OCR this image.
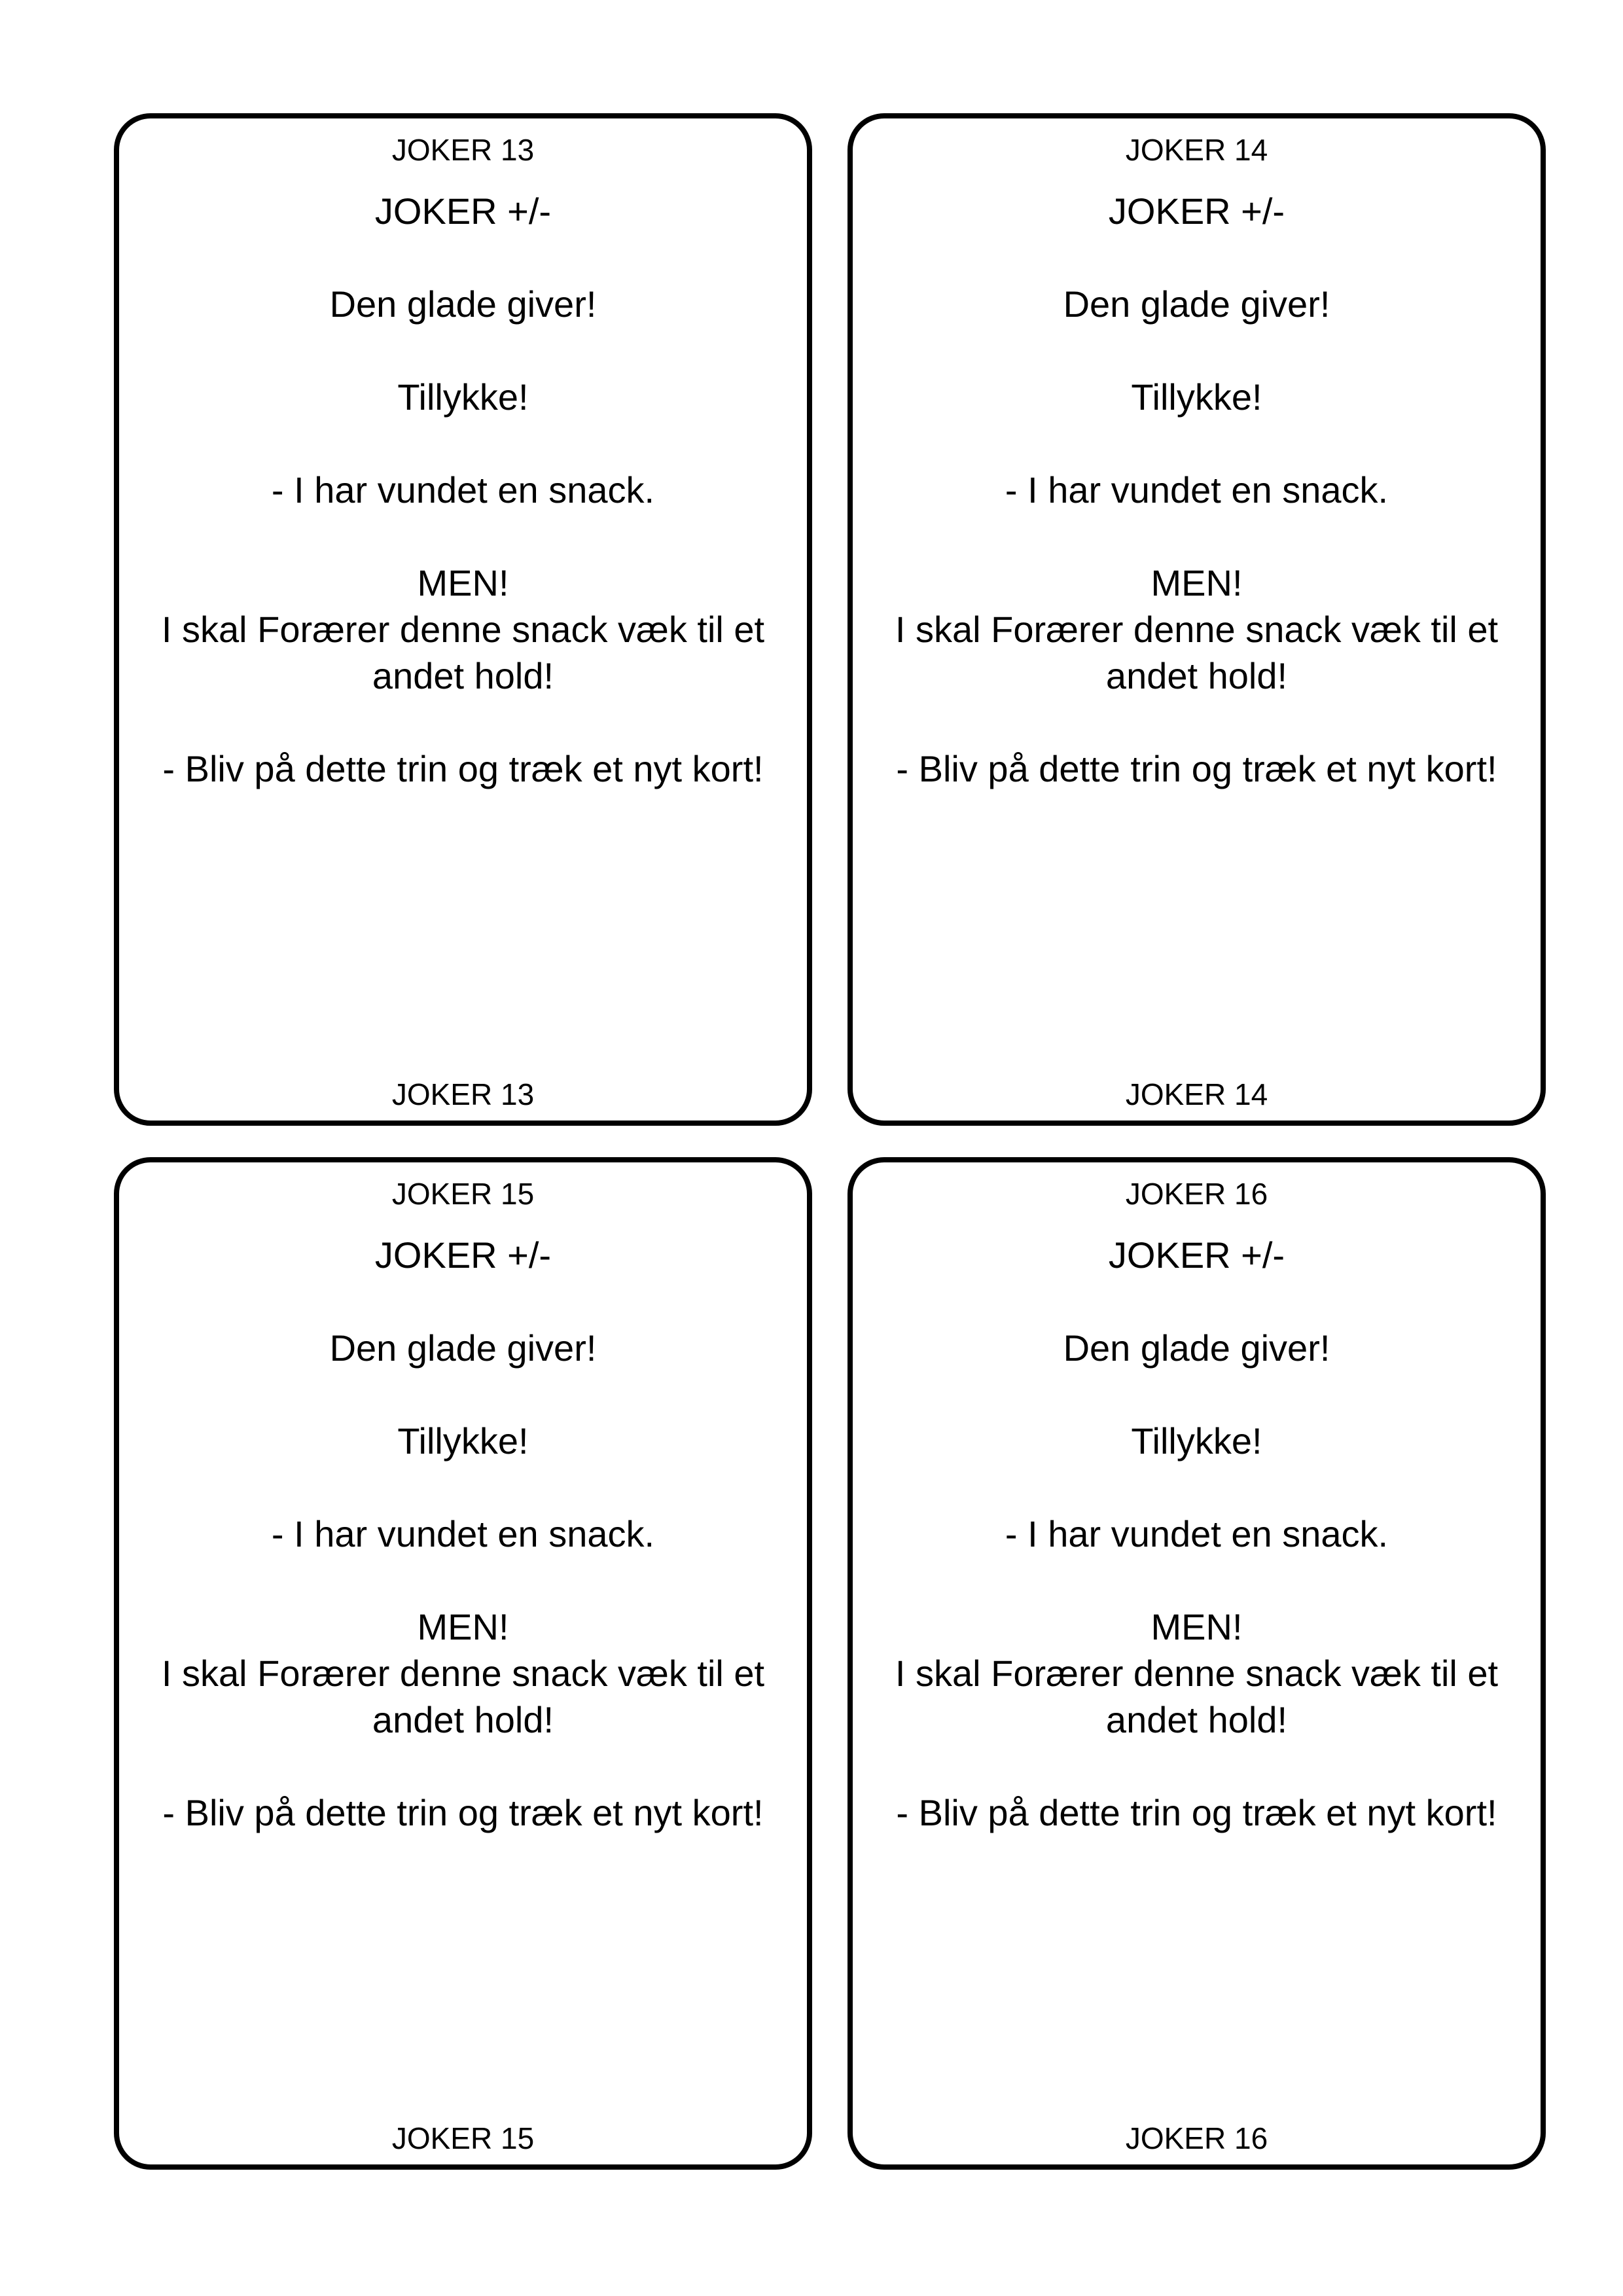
JOKER 13

JOKER +/-

Den glade giver!

Tillykke!

- I har vundet en snack.

MEN!

I skal Forærer denne snack væk til et andet hold!

- Bliv på dette trin og træk et nyt kort!

JOKER 13
JOKER 14

JOKER +/-

Den glade giver!

Tillykke!

- I har vundet en snack.

MEN!

I skal Forærer denne snack væk til et andet hold!

- Bliv på dette trin og træk et nyt kort!

JOKER 14
JOKER 15

JOKER +/-

Den glade giver!

Tillykke!

- I har vundet en snack.

MEN!

I skal Forærer denne snack væk til et andet hold!

- Bliv på dette trin og træk et nyt kort!

JOKER 15
JOKER 16

JOKER +/-

Den glade giver!

Tillykke!

- I har vundet en snack.

MEN!

I skal Forærer denne snack væk til et andet hold!

- Bliv på dette trin og træk et nyt kort!

JOKER 16
